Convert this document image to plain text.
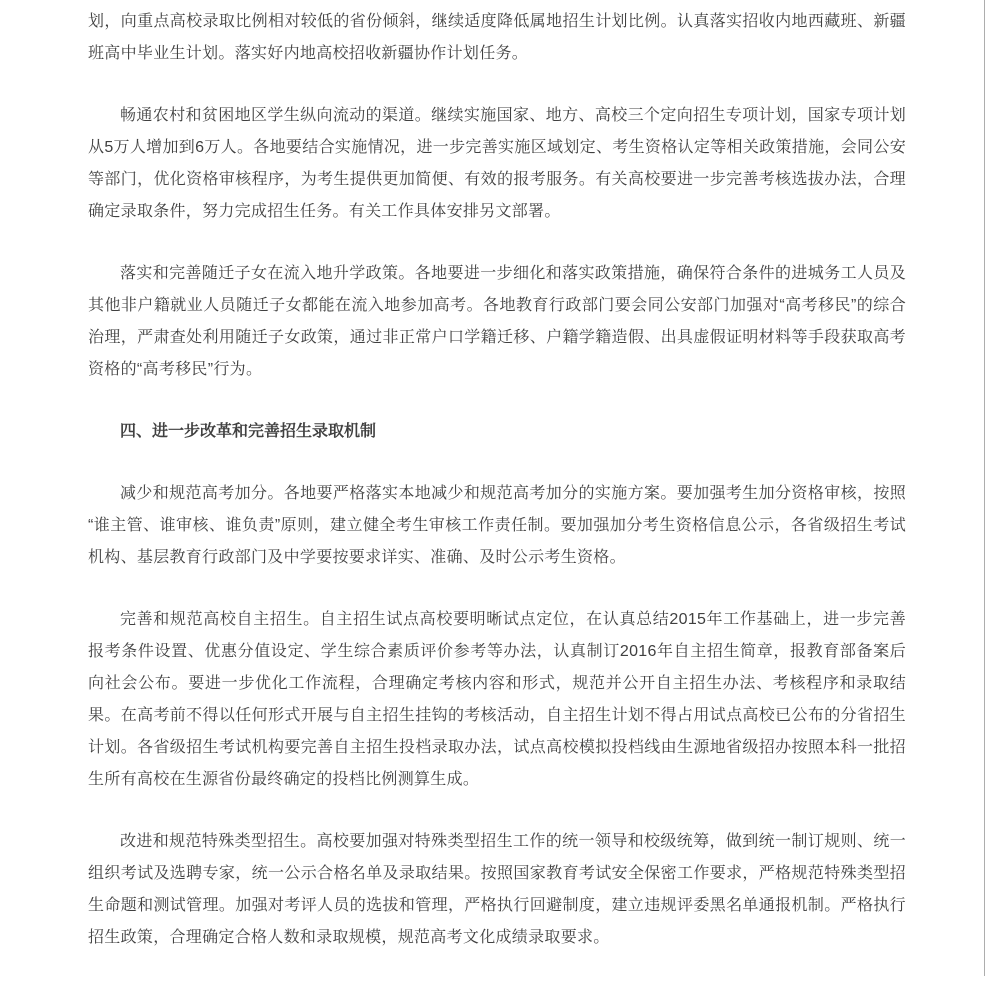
划，向重点高校录取比例相对较低的省份倾斜，继续适度降低属地招生计划比例。认真落实招收内地西藏班、新疆班高中毕业生计划。落实好内地高校招收新疆协作计划任务。

畅通农村和贫困地区学生纵向流动的渠道。继续实施国家、地方、高校三个定向招生专项计划，国家专项计划从5万人增加到6万人。各地要结合实施情况，进一步完善实施区域划定、考生资格认定等相关政策措施，会同公安等部门，优化资格审核程序，为考生提供更加简便、有效的报考服务。有关高校要进一步完善考核选拔办法，合理确定录取条件，努力完成招生任务。有关工作具体安排另文部署。

落实和完善随迁子女在流入地升学政策。各地要进一步细化和落实政策措施，确保符合条件的进城务工人员及其他非户籍就业人员随迁子女都能在流入地参加高考。各地教育行政部门要会同公安部门加强对“高考移民”的综合治理，严肃查处利用随迁子女政策，通过非正常户口学籍迁移、户籍学籍造假、出具虚假证明材料等手段获取高考资格的“高考移民”行为。

四、进一步改革和完善招生录取机制

减少和规范高考加分。各地要严格落实本地减少和规范高考加分的实施方案。要加强考生加分资格审核，按照“谁主管、谁审核、谁负责”原则，建立健全考生审核工作责任制。要加强加分考生资格信息公示，各省级招生考试机构、基层教育行政部门及中学要按要求详实、准确、及时公示考生资格。

完善和规范高校自主招生。自主招生试点高校要明晰试点定位，在认真总结2015年工作基础上，进一步完善报考条件设置、优惠分值设定、学生综合素质评价参考等办法，认真制订2016年自主招生简章，报教育部备案后向社会公布。要进一步优化工作流程，合理确定考核内容和形式，规范并公开自主招生办法、考核程序和录取结果。在高考前不得以任何形式开展与自主招生挂钩的考核活动，自主招生计划不得占用试点高校已公布的分省招生计划。各省级招生考试机构要完善自主招生投档录取办法，试点高校模拟投档线由生源地省级招办按照本科一批招生所有高校在生源省份最终确定的投档比例测算生成。

改进和规范特殊类型招生。高校要加强对特殊类型招生工作的统一领导和校级统筹，做到统一制订规则、统一组织考试及选聘专家，统一公示合格名单及录取结果。按照国家教育考试安全保密工作要求，严格规范特殊类型招生命题和测试管理。加强对考评人员的选拔和管理，严格执行回避制度，建立违规评委黑名单通报机制。严格执行招生政策，合理确定合格人数和录取规模，规范高考文化成绩录取要求。
